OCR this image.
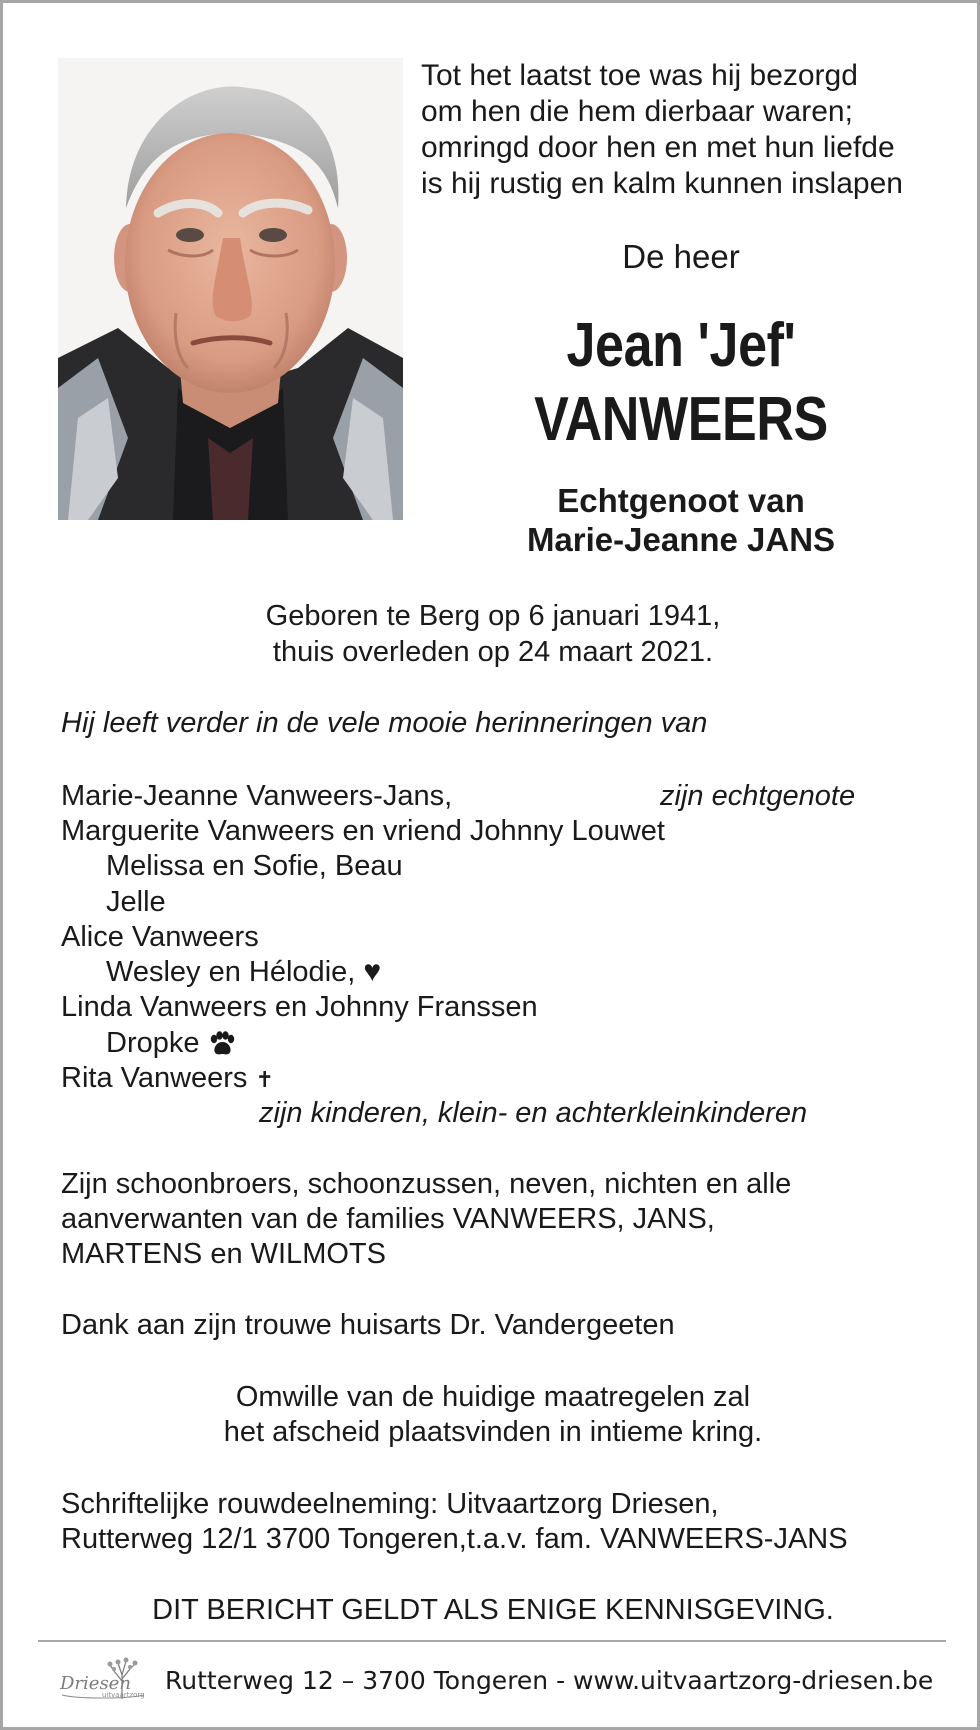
Tot het laatst toe was hij bezorgd
om hen die hem dierbaar waren;
omringd door hen en met hun liefde
is hij rustig en kalm kunnen inslapen
De heer
Jean 'Jef'
VANWEERS
Echtgenoot van
Marie-Jeanne JANS
Geboren te Berg op 6 januari 1941,
thuis overleden op 24 maart 2021.
Hij leeft verder in de vele mooie herinneringen van
Marie-Jeanne Vanweers-Jans,	zijn echtgenote
Marguerite Vanweers en vriend Johnny Louwet
Melissa en Sofie, Beau
Jelle
Alice Vanweers
Wesley en Hélodie, ♥
Linda Vanweers en Johnny Franssen
Dropke
Rita Vanweers ✝
zijn kinderen, klein- en achterkleinkinderen
Zijn schoonbroers, schoonzussen, neven, nichten en alle
aanverwanten van de families VANWEERS, JANS,
MARTENS en WILMOTS
Dank aan zijn trouwe huisarts Dr. Vandergeeten
Omwille van de huidige maatregelen zal
het afscheid plaatsvinden in intieme kring.
Schriftelijke rouwdeelneming: Uitvaartzorg Driesen,
Rutterweg 12/1 3700 Tongeren,t.a.v. fam. VANWEERS-JANS
DIT BERICHT GELDT ALS ENIGE KENNISGEVING.
Driesen
uitvaartzorg Rutterweg 12 – 3700 Tongeren - www.uitvaartzorg-driesen.be
